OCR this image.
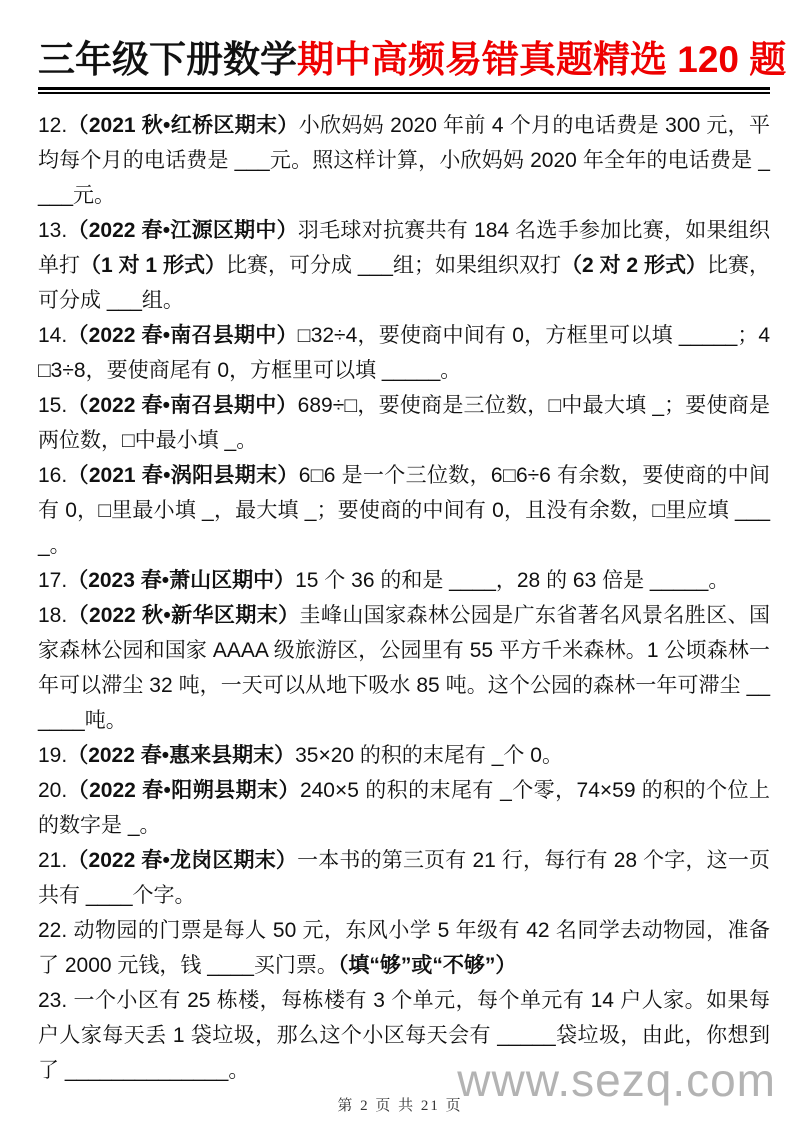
三年级下册数学期中高频易错真题精选 120 题

12.（2021 秋•红桥区期末）小欣妈妈 2020 年前 4 个月的电话费是 300 元，平均每个月的电话费是 ___元。照这样计算，小欣妈妈 2020 年全年的电话费是 ____元。

13.（2022 春•江源区期中）羽毛球对抗赛共有 184 名选手参加比赛，如果组织单打（1 对 1 形式）比赛，可分成 ___组；如果组织双打（2 对 2 形式）比赛，可分成 ___组。

14.（2022 春•南召县期中）□32÷4，要使商中间有 0，方框里可以填 _____；4□3÷8，要使商尾有 0，方框里可以填 _____。

15.（2022 春•南召县期中）689÷□，要使商是三位数，□中最大填 _；要使商是两位数，□中最小填 _。

16.（2021 春•涡阳县期末）6□6 是一个三位数，6□6÷6 有余数，要使商的中间有 0，□里最小填 _，最大填 _；要使商的中间有 0，且没有余数，□里应填 ____。

17.（2023 春•萧山区期中）15 个 36 的和是 ____，28 的 63 倍是 _____。

18.（2022 秋•新华区期末）圭峰山国家森林公园是广东省著名风景名胜区、国家森林公园和国家 AAAA 级旅游区，公园里有 55 平方千米森林。1 公顷森林一年可以滞尘 32 吨，一天可以从地下吸水 85 吨。这个公园的森林一年可滞尘 ______吨。

19.（2022 春•惠来县期末）35×20 的积的末尾有 _个 0。

20.（2022 春•阳朔县期末）240×5 的积的末尾有 _个零，74×59 的积的个位上的数字是 _。

21.（2022 春•龙岗区期末）一本书的第三页有 21 行，每行有 28 个字，这一页共有 ____个字。

22. 动物园的门票是每人 50 元，东风小学 5 年级有 42 名同学去动物园，准备了 2000 元钱，钱 ____买门票。（填“够”或“不够”）

23. 一个小区有 25 栋楼，每栋楼有 3 个单元，每个单元有 14 户人家。如果每户人家每天丢 1 袋垃圾，那么这个小区每天会有 _____袋垃圾，由此，你想到了 ______________。

第 2 页 共 21 页
www.sezq.com
